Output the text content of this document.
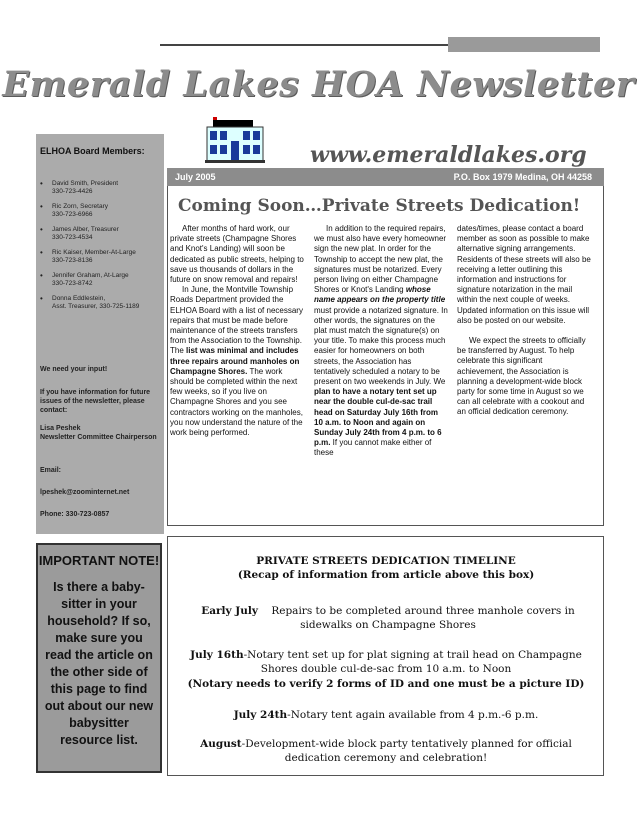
Emerald Lakes HOA Newsletter
www.emeraldlakes.org
ELHOA Board Members:
• David Smith, President
330-723-4426
• Ric Zorn, Secretary
330-723-6966
• James Alber, Treasurer
330-723-4534
• Ric Kaiser, Member-At-Large
330-723-8136
• Jennifer Graham, At-Large
330-723-8742
• Donna Eddlestein,
Asst. Treasurer, 330-725-1189
We need your input!
If you have information for future issues of the newsletter, please contact:
Lisa Peshek
Newsletter Committee Chairperson
Email:
lpeshek@zoominternet.net
Phone: 330-723-0857
IMPORTANT NOTE!
Is there a baby-sitter in your household? If so, make sure you read the article on the other side of this page to find out about our new babysitter resource list.
July 2005	P.O. Box 1979 Medina, OH 44258
Coming Soon…Private Streets Dedication!

After months of hard work, our private streets (Champagne Shores and Knot's Landing) will soon be dedicated as public streets, helping to save us thousands of dollars in the future on snow removal and repairs!

In June, the Montville Township Roads Department provided the ELHOA Board with a list of necessary repairs that must be made before maintenance of the streets transfers from the Association to the Township. The list was minimal and includes three repairs around manholes on Champagne Shores. The work should be completed within the next few weeks, so if you live on Champagne Shores and you see contractors working on the manholes, you now understand the nature of the work being performed.

In addition to the required repairs, we must also have every homeowner sign the new plat. In order for the Township to accept the new plat, the signatures must be notarized. Every person living on either Champagne Shores or Knot's Landing whose name appears on the property title must provide a notarized signature. In other words, the signatures on the plat must match the signature(s) on your title. To make this process much easier for homeowners on both streets, the Association has tentatively scheduled a notary to be present on two weekends in July. We plan to have a notary tent set up near the double cul-de-sac trail head on Saturday July 16th from 10 a.m. to Noon and again on Sunday July 24th from 4 p.m. to 6 p.m. If you cannot make either of these

dates/times, please contact a board member as soon as possible to make alternative signing arrangements. Residents of these streets will also be receiving a letter outlining this information and instructions for signature notarization in the mail within the next couple of weeks. Updated information on this issue will also be posted on our website.

We expect the streets to officially be transferred by August. To help celebrate this significant achievement, the Association is planning a development-wide block party for some time in August so we can all celebrate with a cookout and an official dedication ceremony.

PRIVATE STREETS DEDICATION TIMELINE
(Recap of information from article above this box)
Early July Repairs to be completed around three manhole covers in sidewalks on Champagne Shores
July 16th-Notary tent set up for plat signing at trail head on Champagne Shores double cul-de-sac from 10 a.m. to Noon
(Notary needs to verify 2 forms of ID and one must be a picture ID)
July 24th-Notary tent again available from 4 p.m.-6 p.m.
August-Development-wide block party tentatively planned for official dedication ceremony and celebration!
